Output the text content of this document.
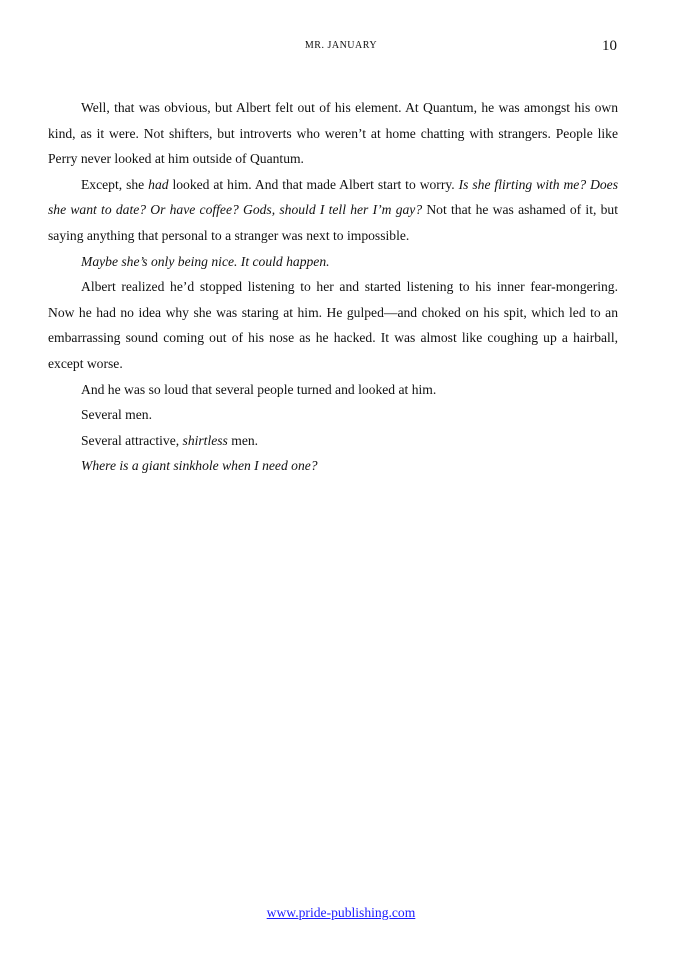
MR. JANUARY	10

Well, that was obvious, but Albert felt out of his element. At Quantum, he was amongst his own kind, as it were. Not shifters, but introverts who weren’t at home chatting with strangers. People like Perry never looked at him outside of Quantum.

Except, she had looked at him. And that made Albert start to worry. Is she flirting with me? Does she want to date? Or have coffee? Gods, should I tell her I’m gay? Not that he was ashamed of it, but saying anything that personal to a stranger was next to impossible.

Maybe she’s only being nice. It could happen.

Albert realized he’d stopped listening to her and started listening to his inner fear-mongering. Now he had no idea why she was staring at him. He gulped—and choked on his spit, which led to an embarrassing sound coming out of his nose as he hacked. It was almost like coughing up a hairball, except worse.

And he was so loud that several people turned and looked at him.

Several men.

Several attractive, shirtless men.

Where is a giant sinkhole when I need one?

www.pride-publishing.com
